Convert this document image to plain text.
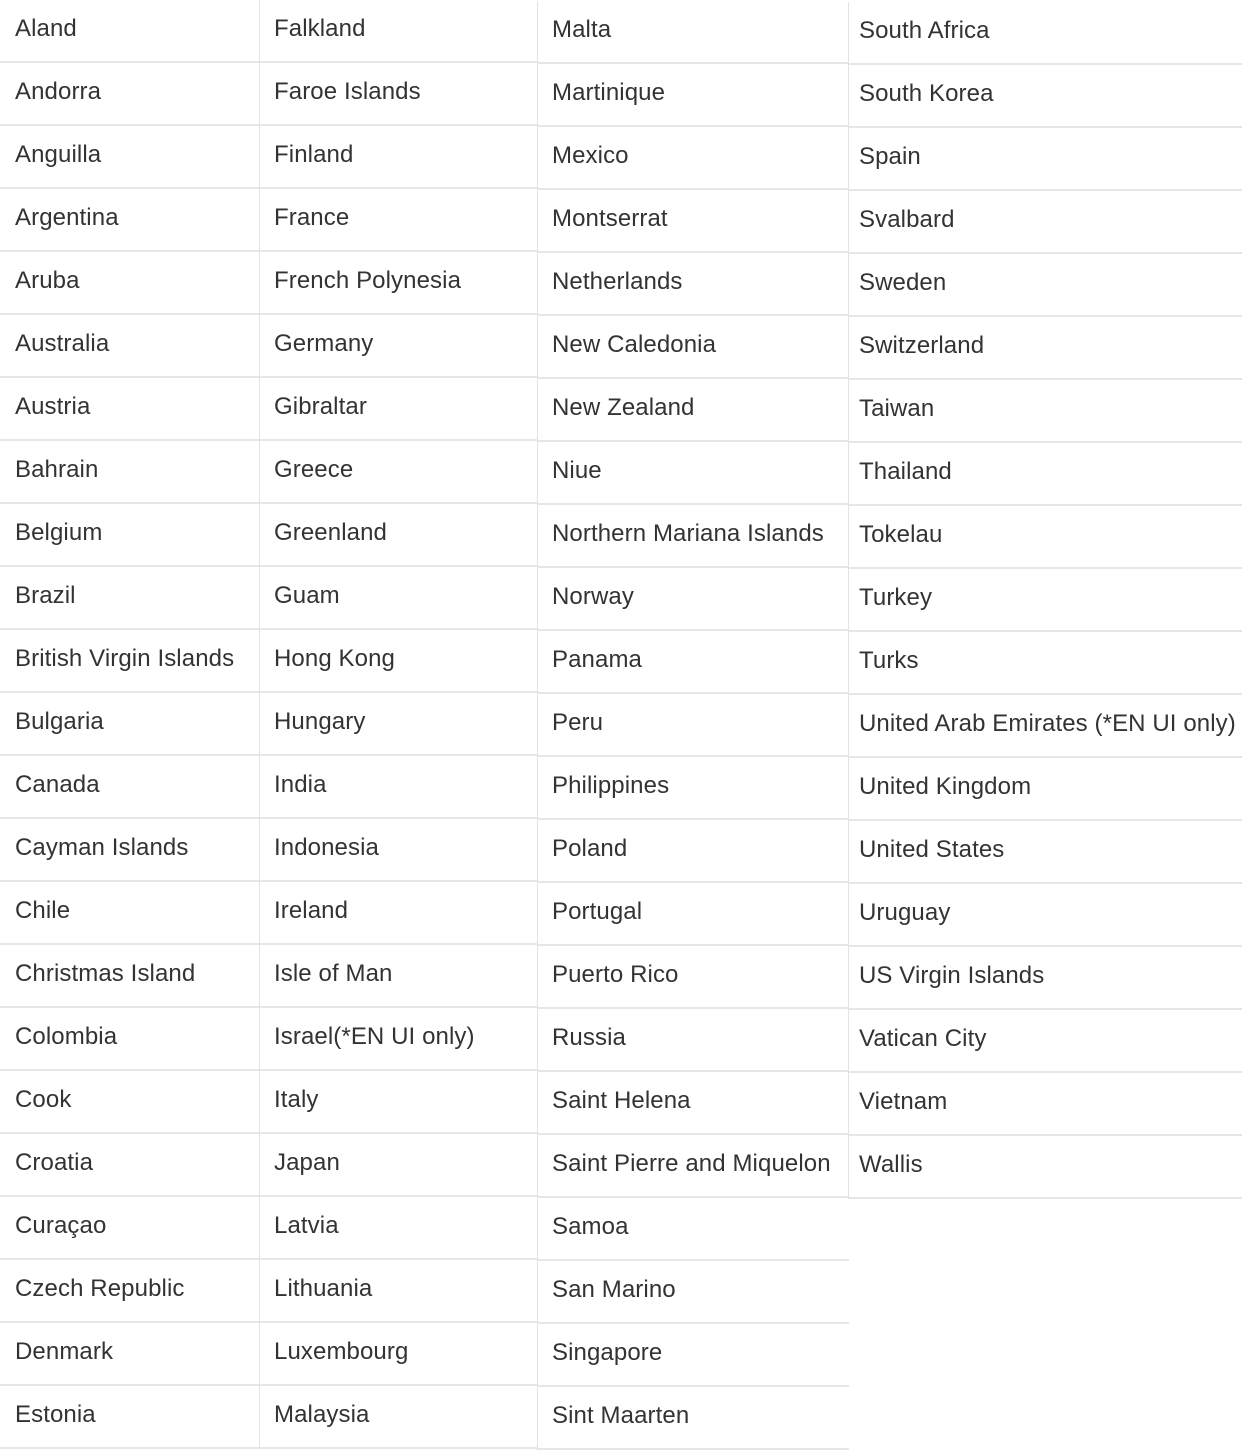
Aland
Andorra
Anguilla
Argentina
Aruba
Australia
Austria
Bahrain
Belgium
Brazil
British Virgin Islands
Bulgaria
Canada
Cayman Islands
Chile
Christmas Island
Colombia
Cook
Croatia
Curaçao
Czech Republic
Denmark
Estonia
Falkland
Faroe Islands
Finland
France
French Polynesia
Germany
Gibraltar
Greece
Greenland
Guam
Hong Kong
Hungary
India
Indonesia
Ireland
Isle of Man
Israel(*EN UI only)
Italy
Japan
Latvia
Lithuania
Luxembourg
Malaysia
Malta
Martinique
Mexico
Montserrat
Netherlands
New Caledonia
New Zealand
Niue
Northern Mariana Islands
Norway
Panama
Peru
Philippines
Poland
Portugal
Puerto Rico
Russia
Saint Helena
Saint Pierre and Miquelon
Samoa
San Marino
Singapore
Sint Maarten
South Africa
South Korea
Spain
Svalbard
Sweden
Switzerland
Taiwan
Thailand
Tokelau
Turkey
Turks
United Arab Emirates (*EN UI only)
United Kingdom
United States
Uruguay
US Virgin Islands
Vatican City
Vietnam
Wallis
